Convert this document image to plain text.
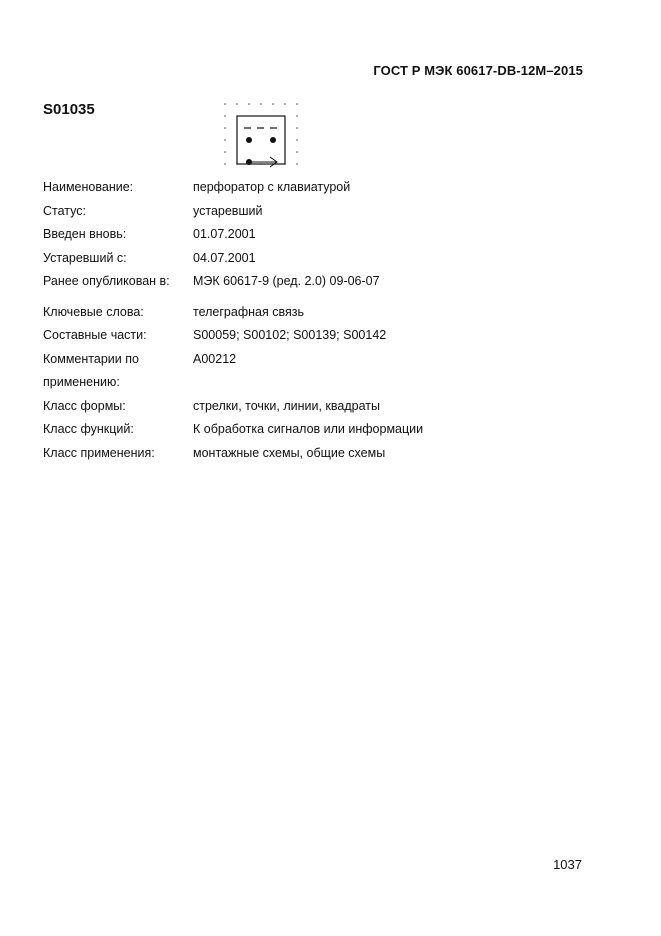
ГОСТ Р МЭК 60617-DB-12M–2015
S01035
Наименование:	перфоратор с клавиатурой
Статус:	устаревший
Введен вновь:	01.07.2001
Устаревший с:	04.07.2001
Ранее опубликован в:	МЭК 60617-9 (ред. 2.0) 09-06-07
Ключевые слова:	телеграфная связь
Составные части:	S00059; S00102; S00139; S00142
Комментарии по	A00212
применению:
Класс формы:	стрелки, точки, линии, квадраты
Класс функций:	К обработка сигналов или информации
Класс применения:	монтажные схемы, общие схемы
1037
